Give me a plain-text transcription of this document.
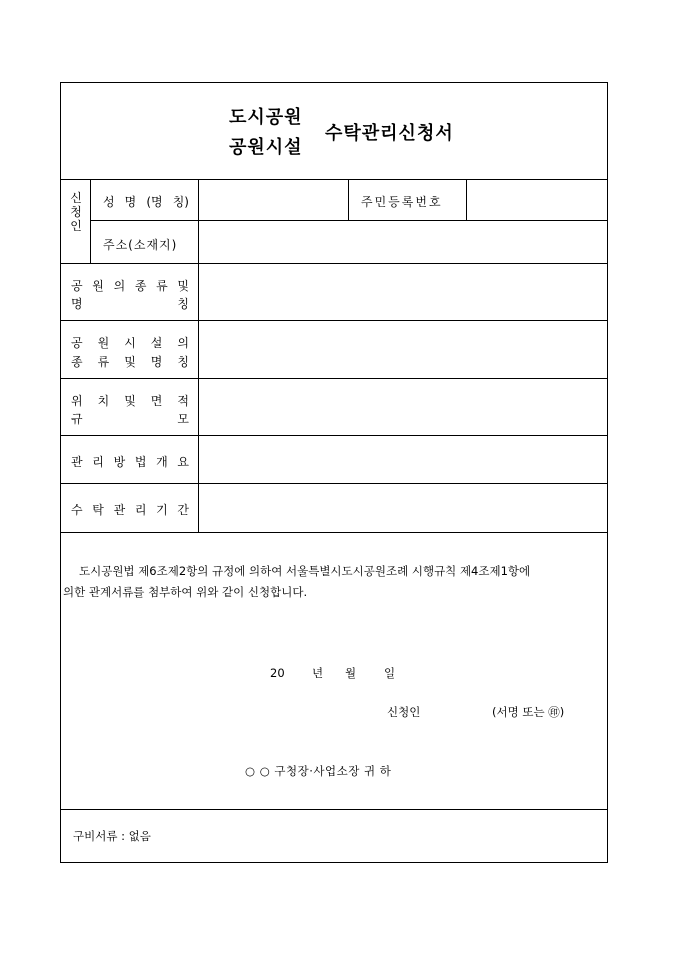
도시공원
공원시설
수탁관리신청서
신
청
인
성 명 (명 칭)	주민등록번호
주소(소재지)
공 원 의 종 류 및
명	칭
공 원 시 설 의
종 류 및 명 칭
위 치 및 면 적
규	모
관 리 방 법 개 요
수 탁 관 리 기 간
도시공원법 제6조제2항의 규정에 의하여 서울특별시도시공원조례 시행규칙 제4조제1항에
의한 관계서류를 첨부하여 위와 같이 신청합니다.
20 년 월 일
신청인	(서명 또는 ㊞)
○ ○ 구청장·사업소장 귀 하
구비서류 : 없음
